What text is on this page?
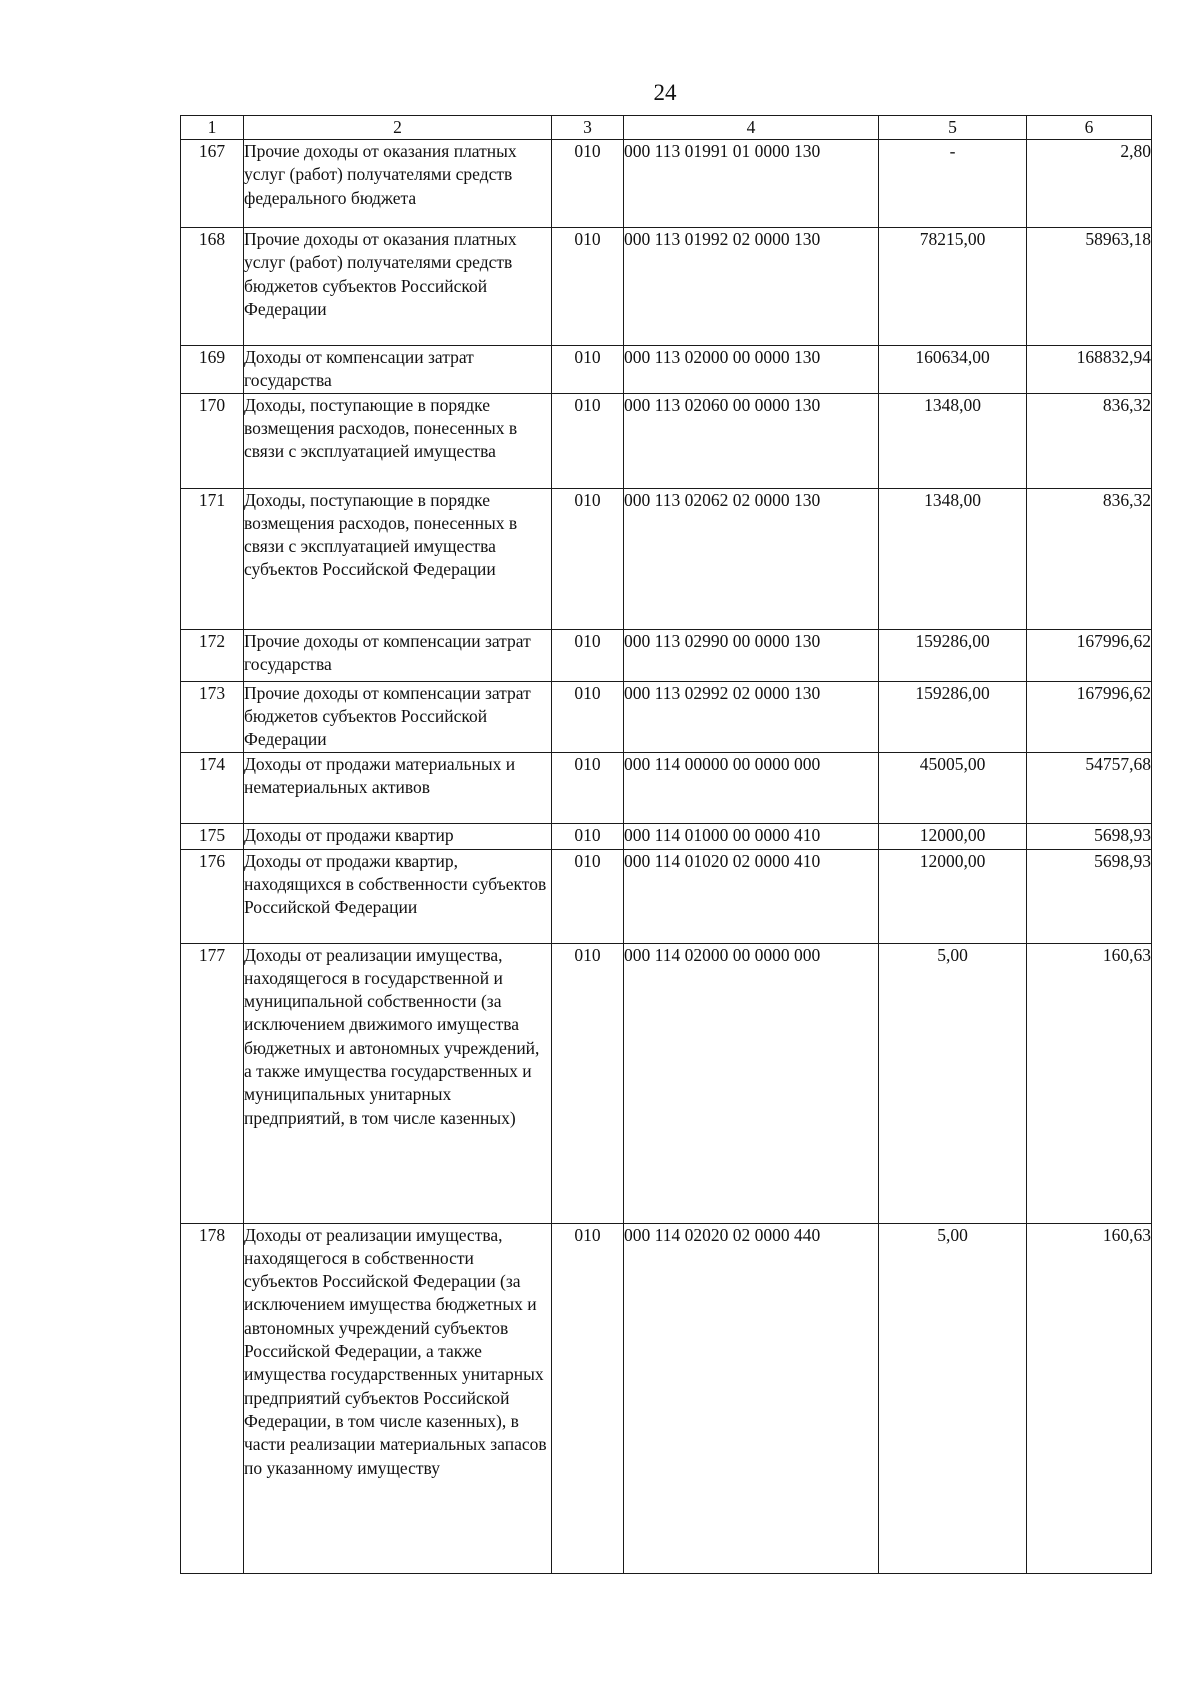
24
1	2	3	4	5	6
167	Прочие доходы от оказания платных услуг (работ) получателями средств федерального бюджета	010	000 113 01991 01 0000 130	-	2,80
168	Прочие доходы от оказания платных услуг (работ) получателями средств бюджетов субъектов Российской Федерации	010	000 113 01992 02 0000 130	78215,00	58963,18
169	Доходы от компенсации затрат государства	010	000 113 02000 00 0000 130	160634,00	168832,94
170	Доходы, поступающие в порядке возмещения расходов, понесенных в связи с эксплуатацией имущества	010	000 113 02060 00 0000 130	1348,00	836,32
171	Доходы, поступающие в порядке возмещения расходов, понесенных в связи с эксплуатацией имущества субъектов Российской Федерации	010	000 113 02062 02 0000 130	1348,00	836,32
172	Прочие доходы от компенсации затрат государства	010	000 113 02990 00 0000 130	159286,00	167996,62
173	Прочие доходы от компенсации затрат бюджетов субъектов Российской Федерации	010	000 113 02992 02 0000 130	159286,00	167996,62
174	Доходы от продажи материальных и нематериальных активов	010	000 114 00000 00 0000 000	45005,00	54757,68
175	Доходы от продажи квартир	010	000 114 01000 00 0000 410	12000,00	5698,93
176	Доходы от продажи квартир, находящихся в собственности субъектов Российской Федерации	010	000 114 01020 02 0000 410	12000,00	5698,93
177	Доходы от реализации имущества, находящегося в государственной и муниципальной собственности (за исключением движимого имущества бюджетных и автономных учреждений, а также имущества государственных и муниципальных унитарных предприятий, в том числе казенных)	010	000 114 02000 00 0000 000	5,00	160,63
178	Доходы от реализации имущества, находящегося в собственности субъектов Российской Федерации (за исключением имущества бюджетных и автономных учреждений субъектов Российской Федерации, а также имущества государственных унитарных предприятий субъектов Российской Федерации, в том числе казенных), в части реализации материальных запасов по указанному имуществу	010	000 114 02020 02 0000 440	5,00	160,63
